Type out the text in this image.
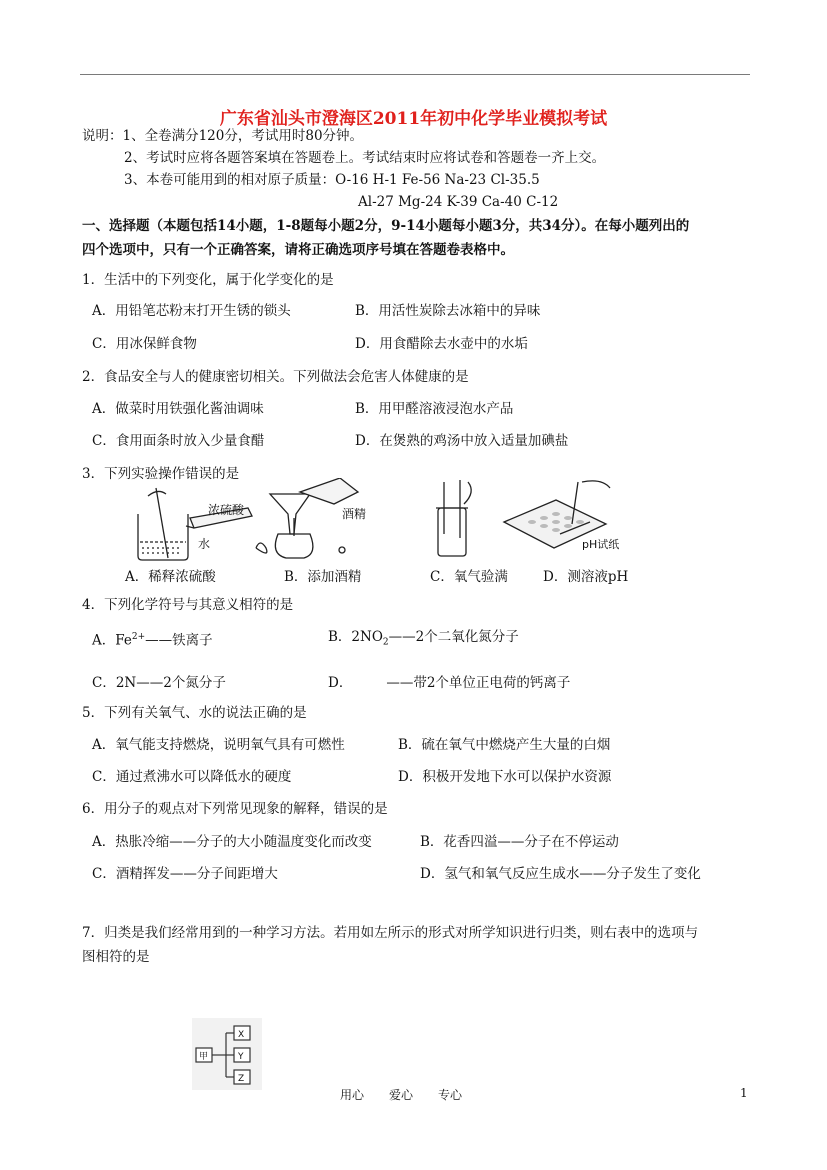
广东省汕头市澄海区2011年初中化学毕业模拟考试
说明：1、全卷满分120分，考试用时80分钟。
2、考试时应将各题答案填在答题卷上。考试结束时应将试卷和答题卷一齐上交。
3、本卷可能用到的相对原子质量：O-16 H-1 Fe-56 Na-23 Cl-35.5
Al-27 Mg-24 K-39 Ca-40 C-12
一、选择题（本题包括14小题，1-8题每小题2分，9-14小题每小题3分，共34分）。在每小题列出的
四个选项中，只有一个正确答案，请将正确选项序号填在答题卷表格中。
1．生活中的下列变化，属于化学变化的是
A．用铅笔芯粉末打开生锈的锁头	B．用活性炭除去冰箱中的异味
C．用冰保鲜食物	D．用食醋除去水壶中的水垢
2．食品安全与人的健康密切相关。下列做法会危害人体健康的是
A．做菜时用铁强化酱油调味	B．用甲醛溶液浸泡水产品
C．食用面条时放入少量食醋	D．在煲熟的鸡汤中放入适量加碘盐
3．下列实验操作错误的是
浓硫酸
水
酒精
pH试纸
A．稀释浓硫酸	B．添加酒精	C．氧气验满	D．测溶液pH
4．下列化学符号与其意义相符的是
A．$Fe^{2+}——$铁离子	B．$2NO_2——2$个二氧化氮分子
C．2N——2个氮分子	D．	——带2个单位正电荷的钙离子
5．下列有关氧气、水的说法正确的是
A．氧气能支持燃烧，说明氧气具有可燃性	B．硫在氧气中燃烧产生大量的白烟
C．通过煮沸水可以降低水的硬度	D．积极开发地下水可以保护水资源
6．用分子的观点对下列常见现象的解释，错误的是
A．热胀冷缩——分子的大小随温度变化而改变	B．花香四溢——分子在不停运动
C．酒精挥发——分子间距增大	D．氢气和氧气反应生成水——分子发生了变化
7．归类是我们经常用到的一种学习方法。若用如左所示的形式对所学知识进行归类，则右表中的选项与
图相符的是
甲
X
Y
Z
用心 爱心 专心	1
